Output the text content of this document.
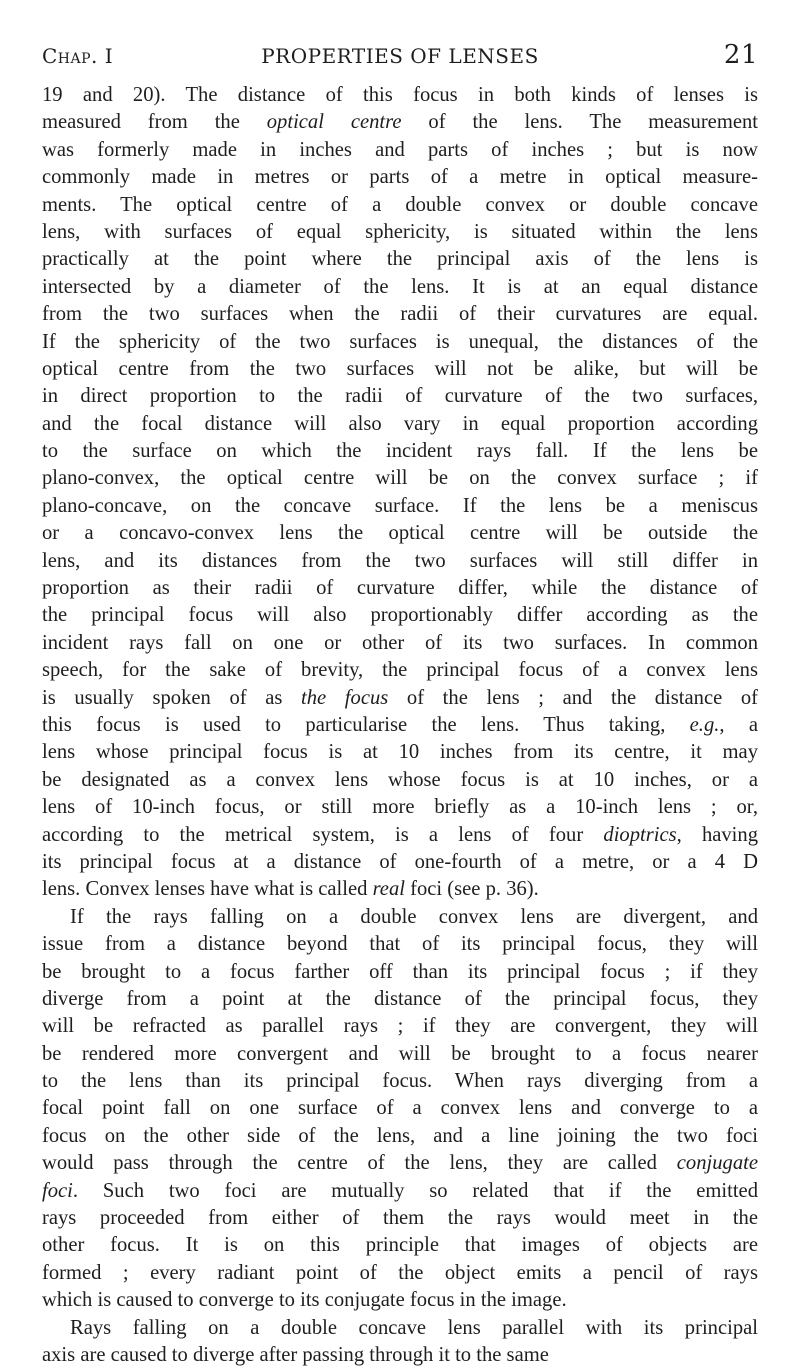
Chap. I	PROPERTIES OF LENSES	21
19 and 20). The distance of this focus in both kinds of lenses is
measured from the optical centre of the lens. The measurement
was formerly made in inches and parts of inches ; but is now
commonly made in metres or parts of a metre in optical measure-
ments. The optical centre of a double convex or double concave
lens, with surfaces of equal sphericity, is situated within the lens
practically at the point where the principal axis of the lens is
intersected by a diameter of the lens. It is at an equal distance
from the two surfaces when the radii of their curvatures are equal.
If the sphericity of the two surfaces is unequal, the distances of the
optical centre from the two surfaces will not be alike, but will be
in direct proportion to the radii of curvature of the two surfaces,
and the focal distance will also vary in equal proportion according
to the surface on which the incident rays fall. If the lens be
plano-convex, the optical centre will be on the convex surface ; if
plano-concave, on the concave surface. If the lens be a meniscus
or a concavo-convex lens the optical centre will be outside the
lens, and its distances from the two surfaces will still differ in
proportion as their radii of curvature differ, while the distance of
the principal focus will also proportionably differ according as the
incident rays fall on one or other of its two surfaces. In common
speech, for the sake of brevity, the principal focus of a convex lens
is usually spoken of as the focus of the lens ; and the distance of
this focus is used to particularise the lens. Thus taking, e.g., a
lens whose principal focus is at 10 inches from its centre, it may
be designated as a convex lens whose focus is at 10 inches, or a
lens of 10-inch focus, or still more briefly as a 10-inch lens ; or,
according to the metrical system, is a lens of four dioptrics, having
its principal focus at a distance of one-fourth of a metre, or a 4 D
lens. Convex lenses have what is called real foci (see p. 36).
If the rays falling on a double convex lens are divergent, and
issue from a distance beyond that of its principal focus, they will
be brought to a focus farther off than its principal focus ; if they
diverge from a point at the distance of the principal focus, they
will be refracted as parallel rays ; if they are convergent, they will
be rendered more convergent and will be brought to a focus nearer
to the lens than its principal focus. When rays diverging from a
focal point fall on one surface of a convex lens and converge to a
focus on the other side of the lens, and a line joining the two foci
would pass through the centre of the lens, they are called conjugate
foci. Such two foci are mutually so related that if the emitted
rays proceeded from either of them the rays would meet in the
other focus. It is on this principle that images of objects are
formed ; every radiant point of the object emits a pencil of rays
which is caused to converge to its conjugate focus in the image.
Rays falling on a double concave lens parallel with its principal
axis are caused to diverge after passing through it to the same
